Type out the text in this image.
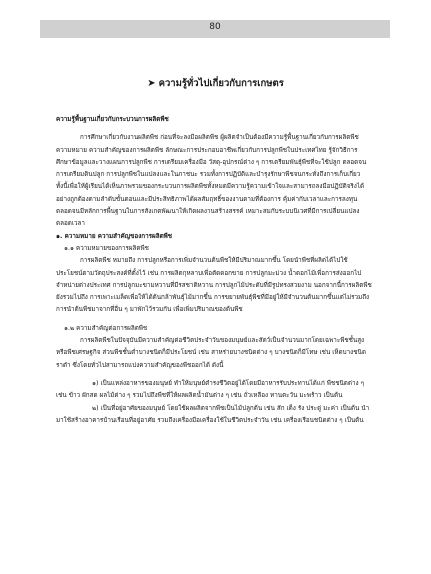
80
➤ ความรู้ทั่วไปเกี่ยวกับการเกษตร

ความรู้พื้นฐานเกี่ยวกับกระบวนการผลิตพืช

การศึกษาเกี่ยวกับงานผลิตพืช ก่อนที่จะลงมือผลิตพืช ผู้ผลิตจำเป็นต้องมีความรู้พื้นฐานเกี่ยวกับการผลิตพืช ความหมาย ความสำคัญของการผลิตพืช ลักษณะการประกอบอาชีพเกี่ยวกับการปลูกพืชในประเทศไทย รู้จักวิธีการศึกษาข้อมูลและวางแผนการปลูกพืช การเตรียมเครื่องมือ วัสดุ-อุปกรณ์ต่าง ๆ การเตรียมพันธุ์พืชที่จะใช้ปลูก ตลอดจนการเตรียมดินปลูก การปลูกพืชในแปลงและในภาชนะ รวมทั้งการปฏิบัติและบำรุงรักษาพืชจนกระทั่งถึงการเก็บเกี่ยว ทั้งนี้เพื่อให้ผู้เรียนได้เห็นภาพรวมของกระบวนการผลิตพืชทั้งหมดมีความรู้ความเข้าใจและสามารถลงมือปฏิบัติจริงได้อย่างถูกต้องตามลำดับขั้นตอนและมีประสิทธิภาพได้ผลสัมฤทธิ์ของงานตามที่ต้องการ คุ้มค่ากับเวลาและการลงทุน ตลอดจนมีหลักการพื้นฐานในการสังเกตพัฒนาให้เกิดผลงานสร้างสรรค์ เหมาะสมกับระบบนิเวศที่มีการเปลี่ยนแปลงตลอดเวลา

๑. ความหมาย ความสำคัญของการผลิตพืช

๑.๑ ความหมายของการผลิตพืช

การผลิตพืช หมายถึง การปลูกหรือการเพิ่มจำนวนต้นพืชให้มีปริมาณมากขึ้น โดยนำพืชที่ผลิตได้ไปใช้ประโยชน์ตามวัตถุประสงค์ที่ตั้งไว้ เช่น การผลิตกุหลาบเพื่อตัดดอกขาย การปลูกมะม่วง น้ำดอกไม้เพื่อการส่งออกไปจำหน่ายต่างประเทศ การปลูกมะขามหวานที่มีรสชาติหวาน การปลูกไม้ประดับที่มีรูปทรงสวยงาม นอกจากนี้การผลิตพืชยังรวมไปถึง การเพาะเมล็ดเพื่อให้ได้ต้นกล้าพันธุ์ไม้มากขึ้น การขยายพันธุ์พืชที่มีอยู่ให้มีจำนวนต้นมากขึ้นแต่ไม่รวมถึงการนำต้นพืชมาจากที่อื่น ๆ มาพักไว้รวมกัน เพื่อเพิ่มปริมาณของต้นพืช

๑.๒ ความสำคัญต่อการผลิตพืช

การผลิตพืชในปัจจุบันมีความสำคัญต่อชีวิตประจำวันของมนุษย์และสัตว์เป็นจำนวนมากโดยเฉพาะพืชชั้นสูงหรือพืชเศรษฐกิจ ส่วนพืชชั้นต่ำบางชนิดก็มีประโยชน์ เช่น สาหร่ายบางชนิดต่าง ๆ บางชนิดก็มีโทษ เช่น เห็ดบางชนิด ราดำ ซึ่งโดยทั่วไปสามารถแบ่งความสำคัญของพืชออกได้ ดังนี้

๑) เป็นแหล่งอาหารของมนุษย์ ทำให้มนุษย์ดำรงชีวิตอยู่ได้โดยมีอาหารรับประทานได้แก่ พืชชนิดต่าง ๆ เช่น ข้าว ผักสด ผลไม้ต่าง ๆ รวมไปถึงพืชที่ให้ผลผลิตน้ำมันต่าง ๆ เช่น ถั่วเหลือง ทานตะวัน มะพร้าว เป็นต้น

๒) เป็นที่อยู่อาศัยของมนุษย์ โดยใช้ผลผลิตจากพืชเป็นไม้ปลูกต้น เช่น สัก เต็ง รัง ประดู่ มะค่า เป็นต้น นำมาใช้สร้างอาคารบ้านเรือนที่อยู่อาศัย รวมถึงเครื่องมือเครื่องใช้ในชีวิตประจำวัน เช่น เครื่องเรือนชนิดต่าง ๆ เป็นต้น
